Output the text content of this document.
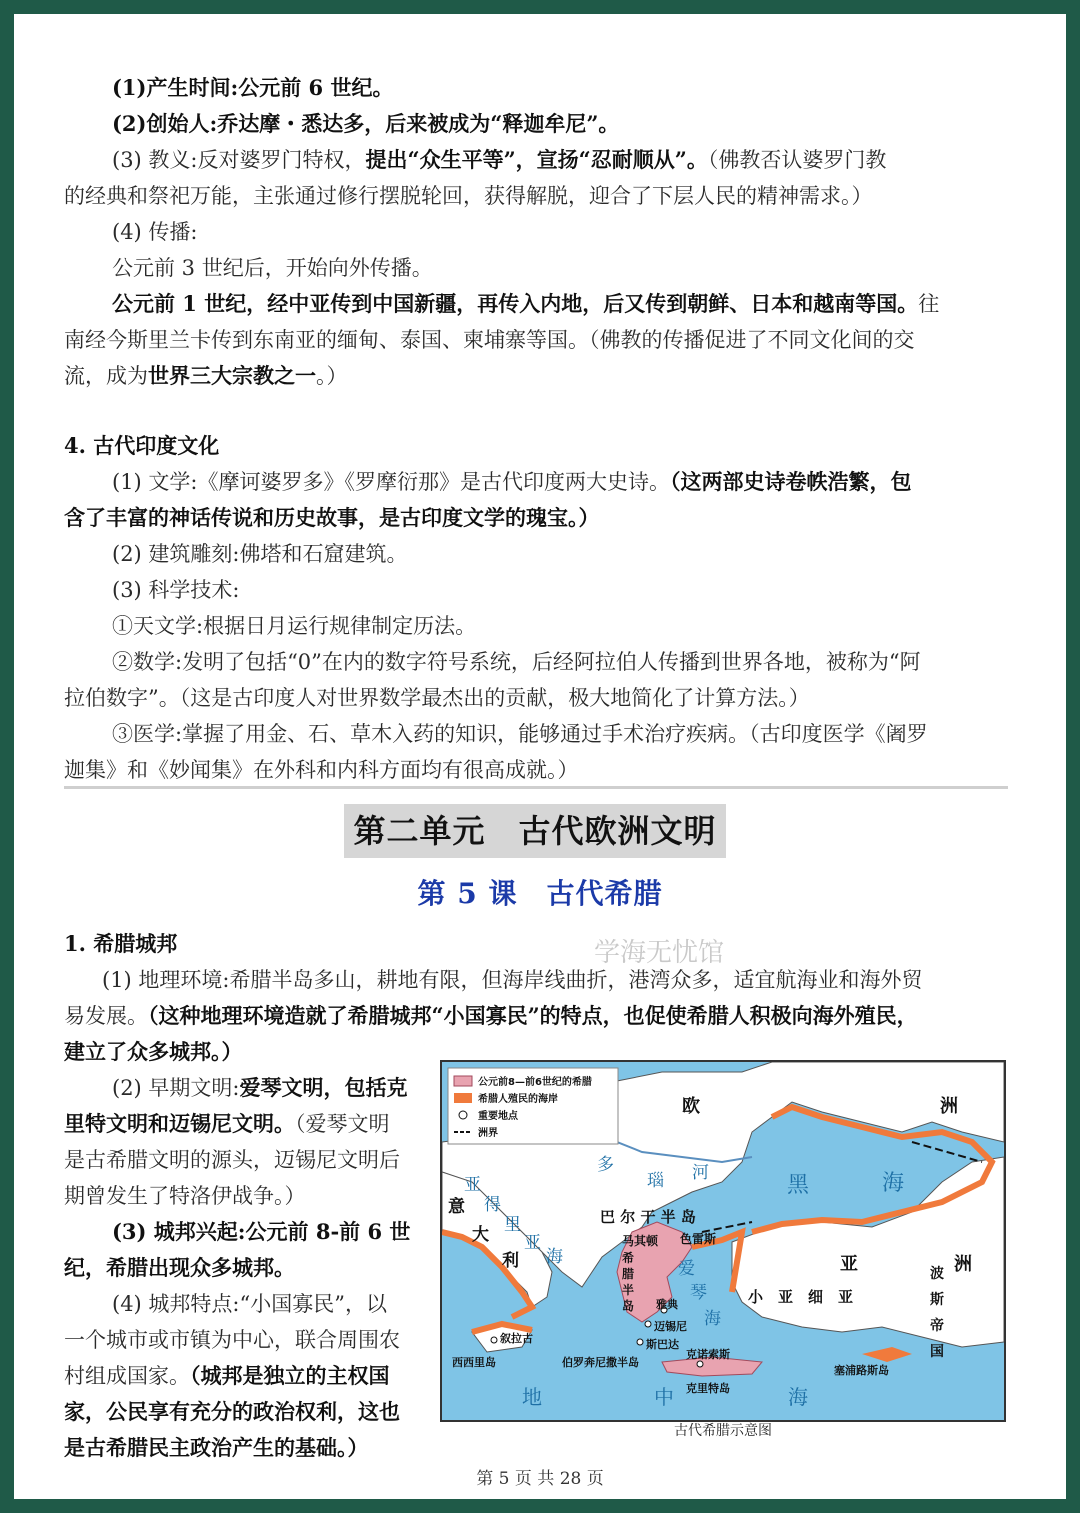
(1)产生时间:公元前 6 世纪。
(2)创始人:乔达摩・悉达多，后来被成为“释迦牟尼”。
(3) 教义:反对婆罗门特权，提出“众生平等”，宣扬“忍耐顺从”。（佛教否认婆罗门教
的经典和祭祀万能，主张通过修行摆脱轮回，获得解脱，迎合了下层人民的精神需求。）
(4) 传播:
公元前 3 世纪后，开始向外传播。
公元前 1 世纪，经中亚传到中国新疆，再传入内地，后又传到朝鲜、日本和越南等国。往
南经今斯里兰卡传到东南亚的缅甸、泰国、柬埔寨等国。（佛教的传播促进了不同文化间的交
流，成为世界三大宗教之一。）
4. 古代印度文化
(1) 文学:《摩诃婆罗多》《罗摩衍那》是古代印度两大史诗。（这两部史诗卷帙浩繁，包
含了丰富的神话传说和历史故事，是古印度文学的瑰宝。）
(2) 建筑雕刻:佛塔和石窟建筑。
(3) 科学技术:
①天文学:根据日月运行规律制定历法。
②数学:发明了包括“0”在内的数字符号系统，后经阿拉伯人传播到世界各地，被称为“阿
拉伯数字”。（这是古印度人对世界数学最杰出的贡献，极大地简化了计算方法。）
③医学:掌握了用金、石、草木入药的知识，能够通过手术治疗疾病。（古印度医学《阇罗
迦集》和《妙闻集》在外科和内科方面均有很高成就。）
第二单元　古代欧洲文明
第 5 课　古代希腊
学海无忧馆
1. 希腊城邦
(1) 地理环境:希腊半岛多山，耕地有限，但海岸线曲折，港湾众多，适宜航海业和海外贸
易发展。（这种地理环境造就了希腊城邦“小国寡民”的特点，也促使希腊人积极向海外殖民，
建立了众多城邦。）
(2) 早期文明:爱琴文明，包括克
里特文明和迈锡尼文明。（爱琴文明
是古希腊文明的源头，迈锡尼文明后
期曾发生了特洛伊战争。）
(3) 城邦兴起:公元前 8-前 6 世
纪，希腊出现众多城邦。
(4) 城邦特点:“小国寡民”，以
一个城市或市镇为中心，联合周围农
村组成国家。（城邦是独立的主权国
家，公民享有充分的政治权利，这也
是古希腊民主政治产生的基础。）
公元前8—前6世纪的希腊
希腊人殖民的海岸
重要地点
洲界
欧	洲
多
瑙 河	黑	海
亚
得
里
亚
海
意
大
利
巴 尔 干 半 岛
马其顿 色雷斯
希
腊
半
岛
爱
琴
海
亚	洲
小　亚　细　亚
波
斯
帝
国
雅典
迈锡尼
斯巴达
叙拉古
西西里岛	伯罗奔尼撒半岛
克诺索斯
克里特岛
塞浦路斯岛
地	中	海
古代希腊示意图
第 5 页 共 28 页
